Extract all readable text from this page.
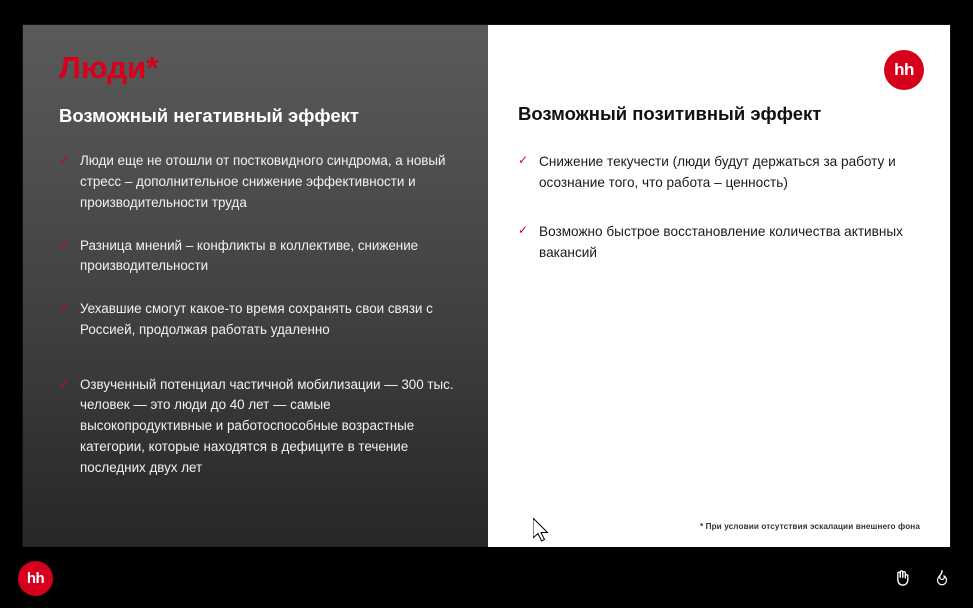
Люди*
Возможный негативный эффект
✓ Люди еще не отошли от постковидного синдрома, а новый стресс – дополнительное снижение эффективности и производительности труда
✓ Разница мнений – конфликты в коллективе, снижение производительности
✓ Уехавшие смогут какое-то время сохранять свои связи с Россией, продолжая работать удаленно
✓ Озвученный потенциал частичной мобилизации — 300 тыс. человек — это люди до 40 лет — самые высокопродуктивные и работоспособные возрастные категории, которые находятся в дефиците в течение последних двух лет
hh
Возможный позитивный эффект
✓ Снижение текучести (люди будут держаться за работу и осознание того, что работа – ценность)
✓ Возможно быстрое восстановление количества активных вакансий
* При условии отсутствия эскалации внешнего фона
hh
